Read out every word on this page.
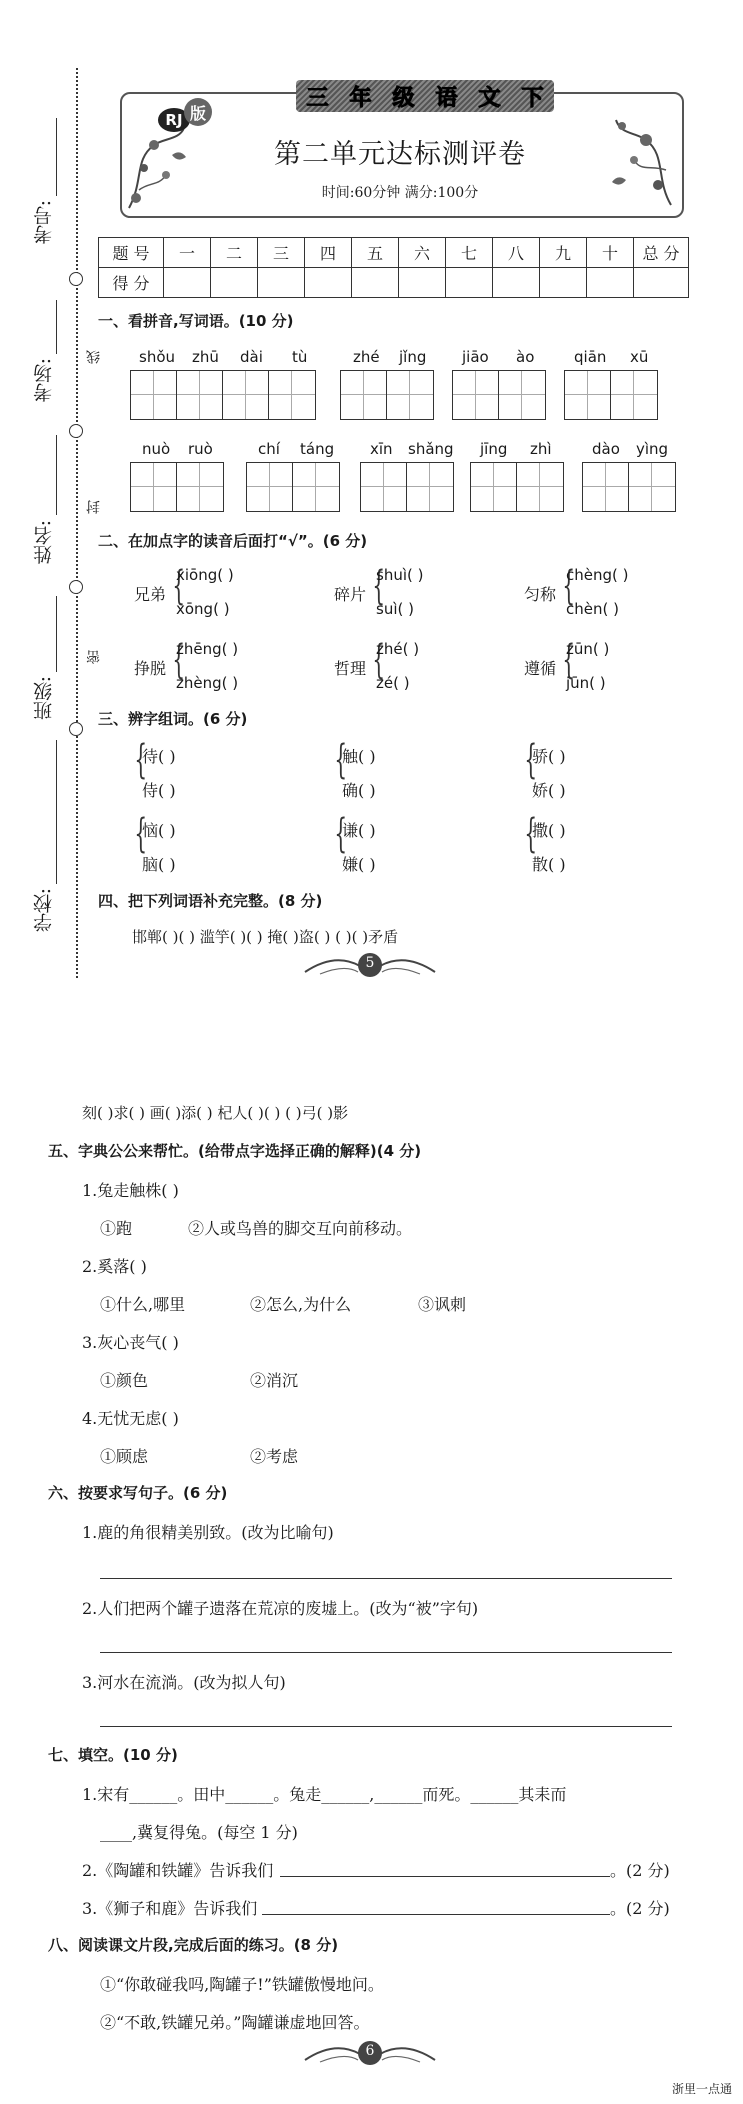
线
封
密
考号:
考场:
姓名:
班级:
学校:
三 年 级 语 文 下
RJ 版
第二单元达标测评卷
时间:60分钟 满分:100分
题 号	一	二	三	四	五	六	七	八	九	十	总 分
得 分											
一、看拼音,写词语。(10 分)
shǒu zhū dài tù	zhé jǐng jiāo ào	qiān xū
nuò ruò	chí táng xīn shǎng jīng zhì	dào yìng
二、在加点字的读音后面打“√”。(6 分)
兄弟 {
xiōng( )
xōng( )
碎片 {
shuì( )
suì( )
匀称 {
chèng( )
chèn( )
挣脱 {
zhēng( )
zhèng( )
哲理 {
zhé( )
zé( )
遵循 {
zūn( )
jūn( )
三、辨字组词。(6 分)
{
待( )
侍( )
{
触( )
确( )
{
骄( )
娇( )
{
恼( )
脑( )
{
谦( )
嫌( )
{
撒( )
散( )
四、把下列词语补充完整。(8 分)
邯郸( )( ) 滥竽( )( ) 掩( )盗( ) ( )( )矛盾
5
刻( )求( ) 画( )添( ) 杞人( )( ) ( )弓( )影
五、字典公公来帮忙。(给带点字选择正确的解释)(4 分)
1.兔走触株( )
①跑	②人或鸟兽的脚交互向前移动。
2.奚落( )
①什么,哪里	②怎么,为什么	③讽刺
3.灰心丧气( )
①颜色	②消沉
4.无忧无虑( )
①顾虑	②考虑
六、按要求写句子。(6 分)
1.鹿的角很精美别致。(改为比喻句)
2.人们把两个罐子遗落在荒凉的废墟上。(改为“被”字句)
3.河水在流淌。(改为拟人句)
七、填空。(10 分)
1.宋有______。田中______。兔走______,______而死。______其耒而
____,冀复得兔。(每空 1 分)
2.《陶罐和铁罐》告诉我们	。(2 分)
3.《狮子和鹿》告诉我们	。(2 分)
八、阅读课文片段,完成后面的练习。(8 分)
①“你敢碰我吗,陶罐子!”铁罐傲慢地问。
②“不敢,铁罐兄弟。”陶罐谦虚地回答。
6
浙里一点通
